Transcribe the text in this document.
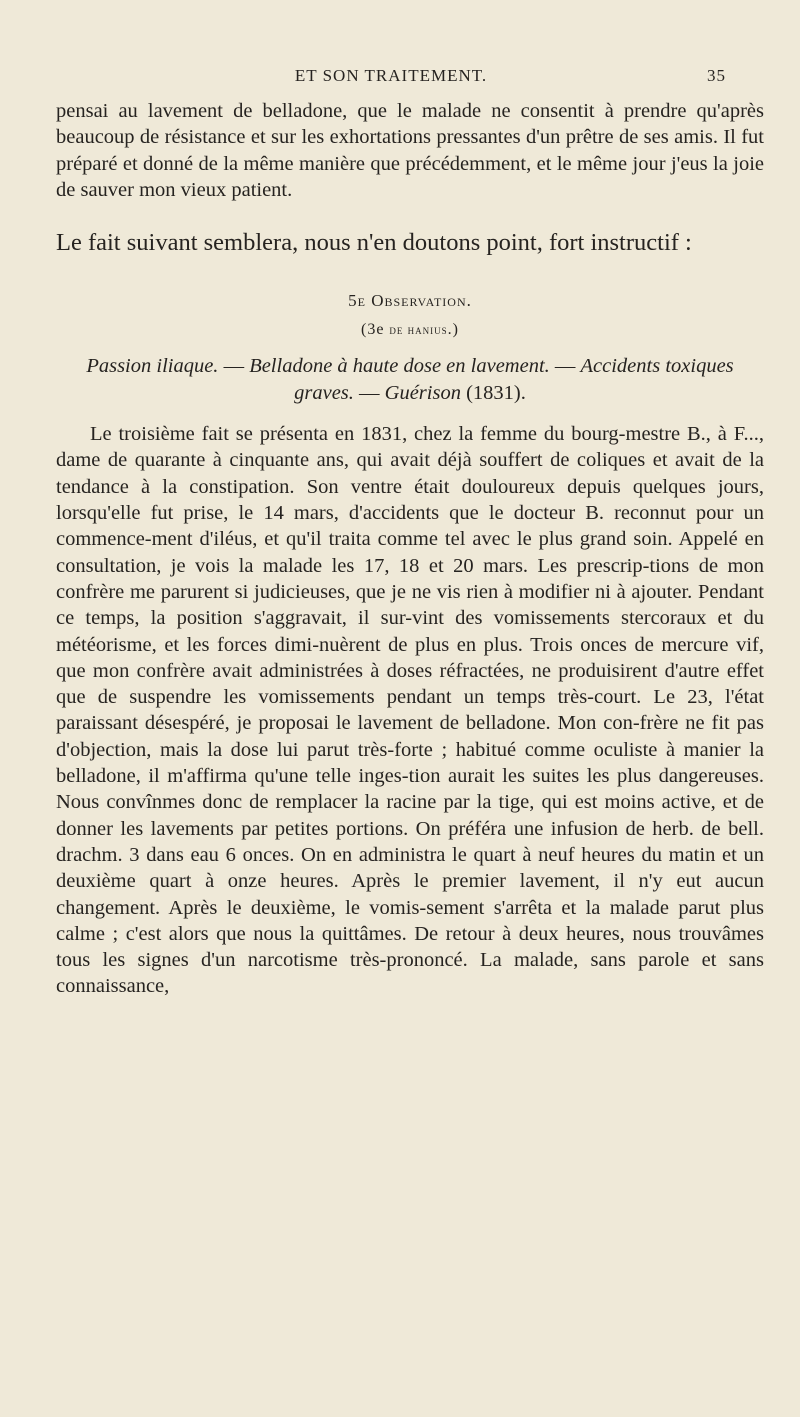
ET SON TRAITEMENT.	35

pensai au lavement de belladone, que le malade ne consentit à prendre qu'après beaucoup de résistance et sur les exhortations pressantes d'un prêtre de ses amis. Il fut préparé et donné de la même manière que précédemment, et le même jour j'eus la joie de sauver mon vieux patient.

Le fait suivant semblera, nous n'en doutons point, fort instructif :

5e Observation.
(3e de hanius.)
Passion iliaque. — Belladone à haute dose en lavement. — Accidents toxiques graves. — Guérison (1831).

Le troisième fait se présenta en 1831, chez la femme du bourg-mestre B., à F..., dame de quarante à cinquante ans, qui avait déjà souffert de coliques et avait de la tendance à la constipation. Son ventre était douloureux depuis quelques jours, lorsqu'elle fut prise, le 14 mars, d'accidents que le docteur B. reconnut pour un commence-ment d'iléus, et qu'il traita comme tel avec le plus grand soin. Appelé en consultation, je vois la malade les 17, 18 et 20 mars. Les prescrip-tions de mon confrère me parurent si judicieuses, que je ne vis rien à modifier ni à ajouter. Pendant ce temps, la position s'aggravait, il sur-vint des vomissements stercoraux et du météorisme, et les forces dimi-nuèrent de plus en plus. Trois onces de mercure vif, que mon confrère avait administrées à doses réfractées, ne produisirent d'autre effet que de suspendre les vomissements pendant un temps très-court. Le 23, l'état paraissant désespéré, je proposai le lavement de belladone. Mon con-frère ne fit pas d'objection, mais la dose lui parut très-forte ; habitué comme oculiste à manier la belladone, il m'affirma qu'une telle inges-tion aurait les suites les plus dangereuses. Nous convînmes donc de remplacer la racine par la tige, qui est moins active, et de donner les lavements par petites portions. On préféra une infusion de herb. de bell. drachm. 3 dans eau 6 onces. On en administra le quart à neuf heures du matin et un deuxième quart à onze heures. Après le premier lavement, il n'y eut aucun changement. Après le deuxième, le vomis-sement s'arrêta et la malade parut plus calme ; c'est alors que nous la quittâmes. De retour à deux heures, nous trouvâmes tous les signes d'un narcotisme très-prononcé. La malade, sans parole et sans connaissance,
